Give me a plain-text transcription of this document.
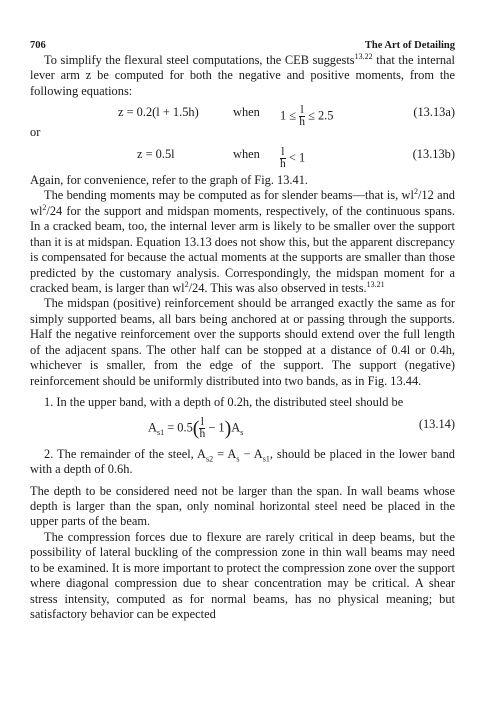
706	The Art of Detailing

To simplify the flexural steel computations, the CEB suggests$^{13.22}$ that the internal lever arm z be computed for both the negative and positive moments, from the following equations:

z = 0.2(l + 1.5h)	when $1 \le \frac{l}{h} \le 2.5$	(13.13a)

or

z = 0.5l	when $\frac{l}{h} < 1$	(13.13b)

Again, for convenience, refer to the graph of Fig. 13.41.

The bending moments may be computed as for slender beams—that is, $wl^2/12$ and $wl^2/24$ for the support and midspan moments, respectively, of the continuous spans. In a cracked beam, too, the internal lever arm is likely to be smaller over the support than it is at midspan. Equation 13.13 does not show this, but the apparent discrepancy is compensated for because the actual moments at the supports are smaller than those predicted by the customary analysis. Correspondingly, the midspan moment for a cracked beam, is larger than $wl^2/24$. This was also observed in tests.$^{13.21}$

The midspan (positive) reinforcement should be arranged exactly the same as for simply supported beams, all bars being anchored at or passing through the supports. Half the negative reinforcement over the supports should extend over the full length of the adjacent spans. The other half can be stopped at a distance of 0.4l or 0.4h, whichever is smaller, from the edge of the support. The support (negative) reinforcement should be uniformly distributed into two bands, as in Fig. 13.44.

1. In the upper band, with a depth of 0.2h, the distributed steel should be

$A_{s1} = 0.5( \frac{l}{h} - 1)A_s$
(13.14)

2. The remainder of the steel, $A_{s2} = A_s - A_{s1}$, should be placed in the lower band with a depth of 0.6h.

The depth to be considered need not be larger than the span. In wall beams whose depth is larger than the span, only nominal horizontal steel need be placed in the upper parts of the beam.

The compression forces due to flexure are rarely critical in deep beams, but the possibility of lateral buckling of the compression zone in thin wall beams may need to be examined. It is more important to protect the compression zone over the support where diagonal compression due to shear concentration may be critical. A shear stress intensity, computed as for normal beams, has no physical meaning; but satisfactory behavior can be expected
